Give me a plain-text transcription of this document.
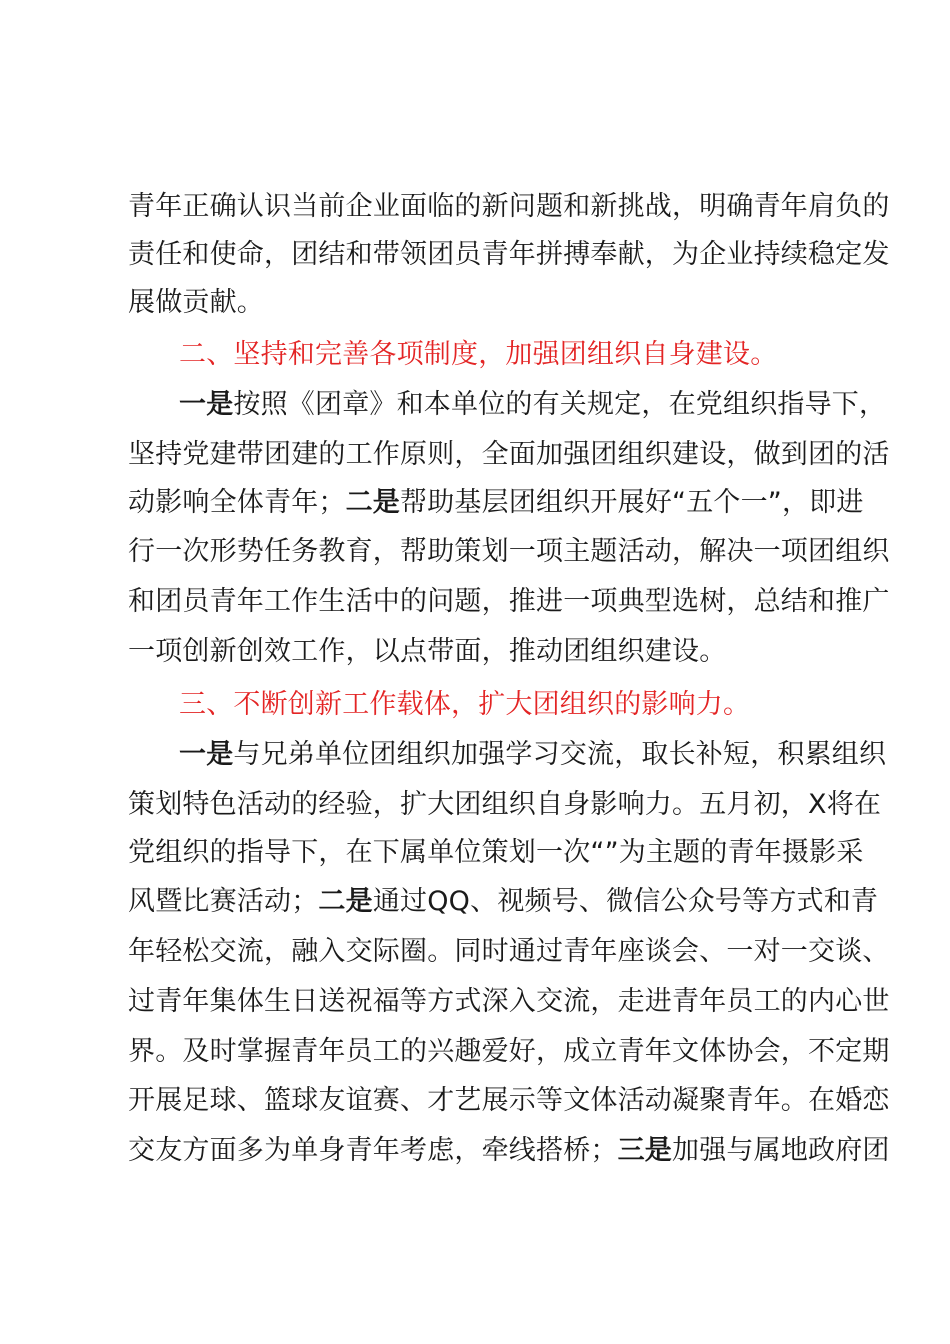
青年正确认识当前企业面临的新问题和新挑战，明确青年肩负的
责任和使命，团结和带领团员青年拼搏奉献，为企业持续稳定发
展做贡献。
二、坚持和完善各项制度，加强团组织自身建设。
一是按照《团章》和本单位的有关规定，在党组织指导下，
坚持党建带团建的工作原则，全面加强团组织建设，做到团的活
动影响全体青年；二是帮助基层团组织开展好“五个一”，即进
行一次形势任务教育，帮助策划一项主题活动，解决一项团组织
和团员青年工作生活中的问题，推进一项典型选树，总结和推广
一项创新创效工作，以点带面，推动团组织建设。
三、不断创新工作载体，扩大团组织的影响力。
一是与兄弟单位团组织加强学习交流，取长补短，积累组织
策划特色活动的经验，扩大团组织自身影响力。五月初，X将在
党组织的指导下，在下属单位策划一次“”为主题的青年摄影采
风暨比赛活动；二是通过QQ、视频号、微信公众号等方式和青
年轻松交流，融入交际圈。同时通过青年座谈会、一对一交谈、
过青年集体生日送祝福等方式深入交流，走进青年员工的内心世
界。及时掌握青年员工的兴趣爱好，成立青年文体协会，不定期
开展足球、篮球友谊赛、才艺展示等文体活动凝聚青年。在婚恋
交友方面多为单身青年考虑，牵线搭桥；三是加强与属地政府团
